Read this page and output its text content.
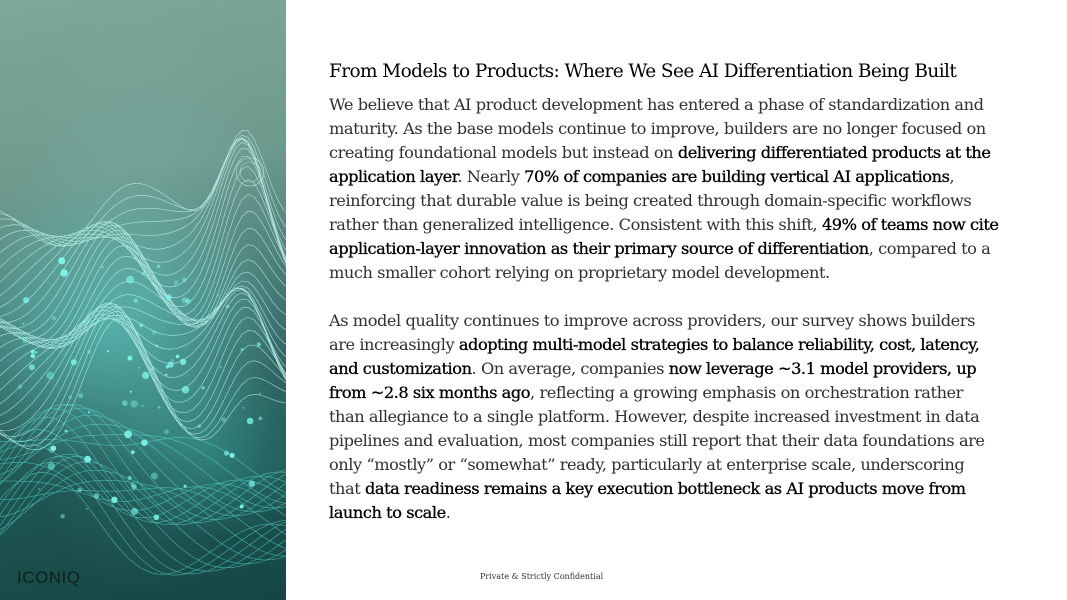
ICONIQ
From Models to Products: Where We See AI Differentiation Being Built

We believe that AI product development has entered a phase of standardization and maturity. As the base models continue to improve, builders are no longer focused on creating foundational models but instead on delivering differentiated products at the application layer. Nearly 70% of companies are building vertical AI applications, reinforcing that durable value is being created through domain-specific workflows rather than generalized intelligence. Consistent with this shift, 49% of teams now cite application-layer innovation as their primary source of differentiation, compared to a much smaller cohort relying on proprietary model development.

As model quality continues to improve across providers, our survey shows builders are increasingly adopting multi-model strategies to balance reliability, cost, latency, and customization. On average, companies now leverage ~3.1 model providers, up from ~2.8 six months ago, reflecting a growing emphasis on orchestration rather than allegiance to a single platform. However, despite increased investment in data pipelines and evaluation, most companies still report that their data foundations are only “mostly” or “somewhat” ready, particularly at enterprise scale, underscoring that data readiness remains a key execution bottleneck as AI products move from launch to scale.

Private & Strictly Confidential
